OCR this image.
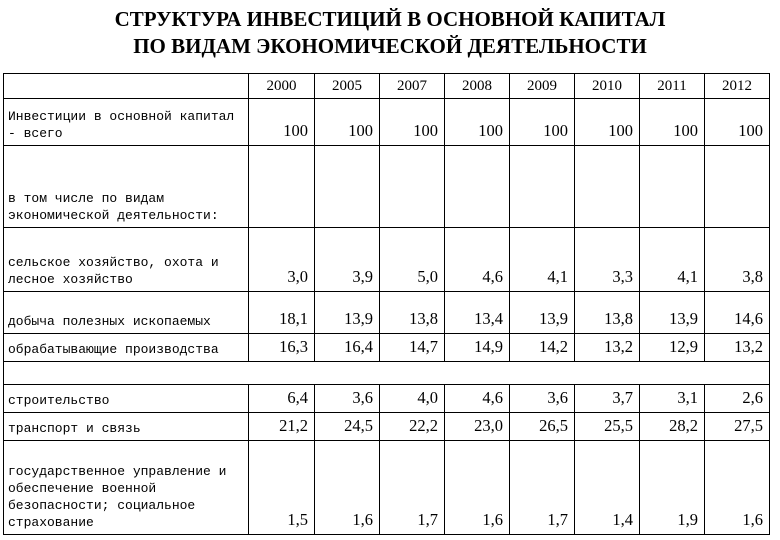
СТРУКТУРА ИНВЕСТИЦИЙ В ОСНОВНОЙ КАПИТАЛ
ПО ВИДАМ ЭКОНОМИЧЕСКОЙ ДЕЯТЕЛЬНОСТИ
	2000	2005	2007	2008	2009	2010	2011	2012
Инвестиции в основной капитал - всего	100	100	100	100	100	100	100	100
в том числе по видам экономической деятельности:								
сельское хозяйство, охота и лесное хозяйство	3,0	3,9	5,0	4,6	4,1	3,3	4,1	3,8
добыча полезных ископаемых	18,1	13,9	13,8	13,4	13,9	13,8	13,9	14,6
обрабатывающие производства	16,3	16,4	14,7	14,9	14,2	13,2	12,9	13,2

строительство	6,4	3,6	4,0	4,6	3,6	3,7	3,1	2,6
транспорт и связь	21,2	24,5	22,2	23,0	26,5	25,5	28,2	27,5
государственное управление и обеспечение военной безопасности; социальное страхование	1,5	1,6	1,7	1,6	1,7	1,4	1,9	1,6
